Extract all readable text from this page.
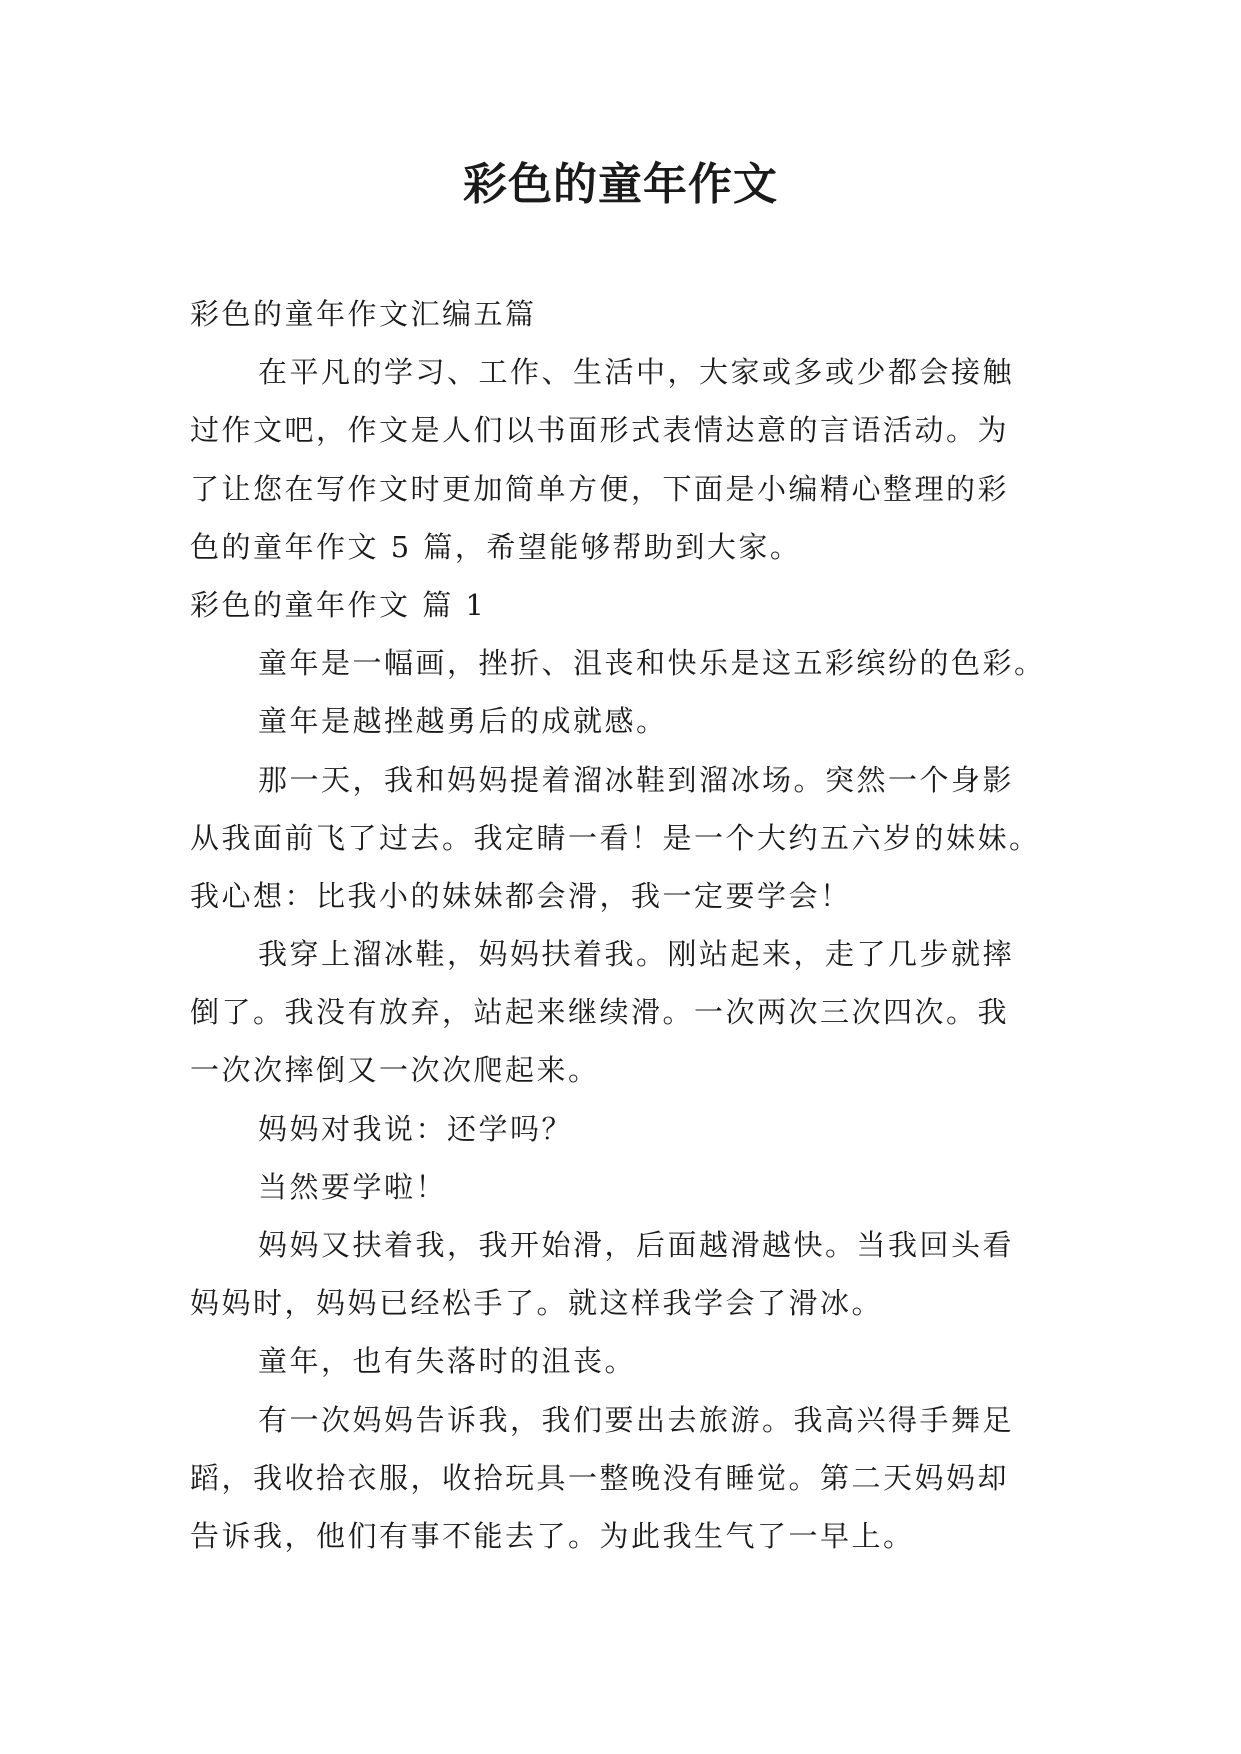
彩色的童年作文
彩色的童年作文汇编五篇
在平凡的学习、工作、生活中，大家或多或少都会接触
过作文吧，作文是人们以书面形式表情达意的言语活动。为
了让您在写作文时更加简单方便，下面是小编精心整理的彩
色的童年作文 5 篇，希望能够帮助到大家。
彩色的童年作文 篇 1
童年是一幅画，挫折、沮丧和快乐是这五彩缤纷的色彩。
童年是越挫越勇后的成就感。
那一天，我和妈妈提着溜冰鞋到溜冰场。突然一个身影
从我面前飞了过去。我定睛一看！是一个大约五六岁的妹妹。
我心想：比我小的妹妹都会滑，我一定要学会！
我穿上溜冰鞋，妈妈扶着我。刚站起来，走了几步就摔
倒了。我没有放弃，站起来继续滑。一次两次三次四次。我
一次次摔倒又一次次爬起来。
妈妈对我说：还学吗？
当然要学啦！
妈妈又扶着我，我开始滑，后面越滑越快。当我回头看
妈妈时，妈妈已经松手了。就这样我学会了滑冰。
童年，也有失落时的沮丧。
有一次妈妈告诉我，我们要出去旅游。我高兴得手舞足
蹈，我收拾衣服，收拾玩具一整晚没有睡觉。第二天妈妈却
告诉我，他们有事不能去了。为此我生气了一早上。
